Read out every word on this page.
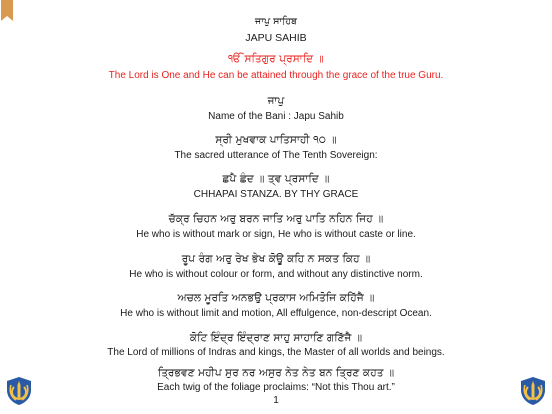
ਜਾਪੁ ਸਾਹਿਬ
JAPU SAHIB
ੴ ਸਤਿਗੁਰ ਪ੍ਰਸਾਦਿ ॥
The Lord is One and He can be attained through the grace of the true Guru.
ਜਾਪੁ
Name of the Bani : Japu Sahib
ਸ੍ਰੀ ਮੁਖਵਾਕ ਪਾਤਿਸਾਹੀ ੧੦ ॥
The sacred utterance of The Tenth Sovereign:
ਛਪੈ ਛੰਦ ॥ ਤ੍ਵ ਪ੍ਰਸਾਦਿ ॥
CHHAPAI STANZA. BY THY GRACE
ਚੱਕ੍ਰ ਚਿਹਨ ਅਰੁ ਬਰਨ ਜਾਤਿ ਅਰੁ ਪਾਤਿ ਨਹਿਨ ਜਿਹ ॥
He who is without mark or sign, He who is without caste or line.
ਰੂਪ ਰੰਗ ਅਰੁ ਰੇਖ ਭੇਖ ਕੋਊ ਕਹਿ ਨ ਸਕਤ ਕਿਹ ॥
He who is without colour or form, and without any distinctive norm.
ਅਚਲ ਮੂਰਤਿ ਅਨਭਉ ਪ੍ਰਕਾਸ ਅਮਿਤੋਜਿ ਕਹਿੱਜੈ ॥
He who is without limit and motion, All effulgence, non-descript Ocean.
ਕੋਟਿ ਇੰਦ੍ਰ ਇੰਦ੍ਰਾਣ ਸਾਹੁ ਸਾਹਾਣਿ ਗਣਿੱਜੈ ॥
The Lord of millions of Indras and kings, the Master of all worlds and beings.
ਤ੍ਰਿਭਵਣ ਮਹੀਪ ਸੁਰ ਨਰ ਅਸੁਰ ਨੇਤ ਨੇਤ ਬਨ ਤ੍ਰਿਣ ਕਹਤ ॥
Each twig of the foliage proclaims: “Not this Thou art.”
1
